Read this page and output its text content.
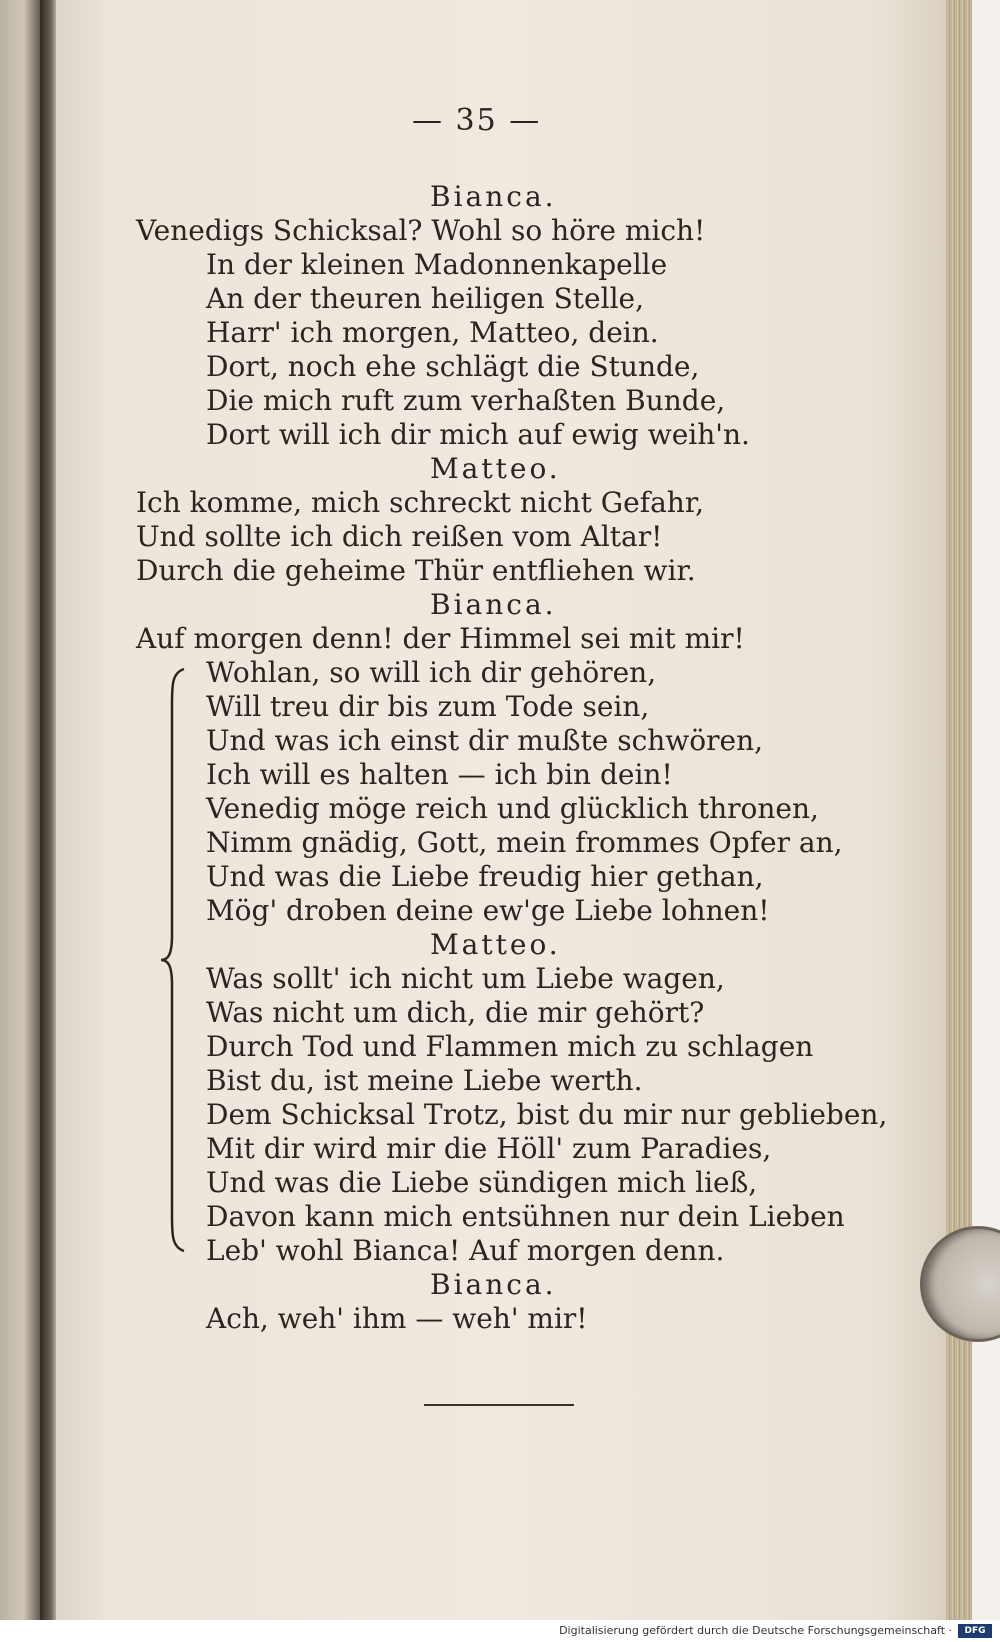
— 35 —
Bianca.
Venedigs Schicksal? Wohl so höre mich!
In der kleinen Madonnenkapelle
An der theuren heiligen Stelle,
Harr' ich morgen, Matteo, dein.
Dort, noch ehe schlägt die Stunde,
Die mich ruft zum verhaßten Bunde,
Dort will ich dir mich auf ewig weih'n.
Matteo.
Ich komme, mich schreckt nicht Gefahr,
Und sollte ich dich reißen vom Altar!
Durch die geheime Thür entfliehen wir.
Bianca.
Auf morgen denn! der Himmel sei mit mir!
Wohlan, so will ich dir gehören,
Will treu dir bis zum Tode sein,
Und was ich einst dir mußte schwören,
Ich will es halten — ich bin dein!
Venedig möge reich und glücklich thronen,
Nimm gnädig, Gott, mein frommes Opfer an,
Und was die Liebe freudig hier gethan,
Mög' droben deine ew'ge Liebe lohnen!
Matteo.
Was sollt' ich nicht um Liebe wagen,
Was nicht um dich, die mir gehört?
Durch Tod und Flammen mich zu schlagen
Bist du, ist meine Liebe werth.
Dem Schicksal Trotz, bist du mir nur geblieben,
Mit dir wird mir die Höll' zum Paradies,
Und was die Liebe sündigen mich ließ,
Davon kann mich entsühnen nur dein Lieben
Leb' wohl Bianca! Auf morgen denn.
Bianca.
Ach, weh' ihm — weh' mir!
Digitalisierung gefördert durch die Deutsche Forschungsgemeinschaft ·	DFG
